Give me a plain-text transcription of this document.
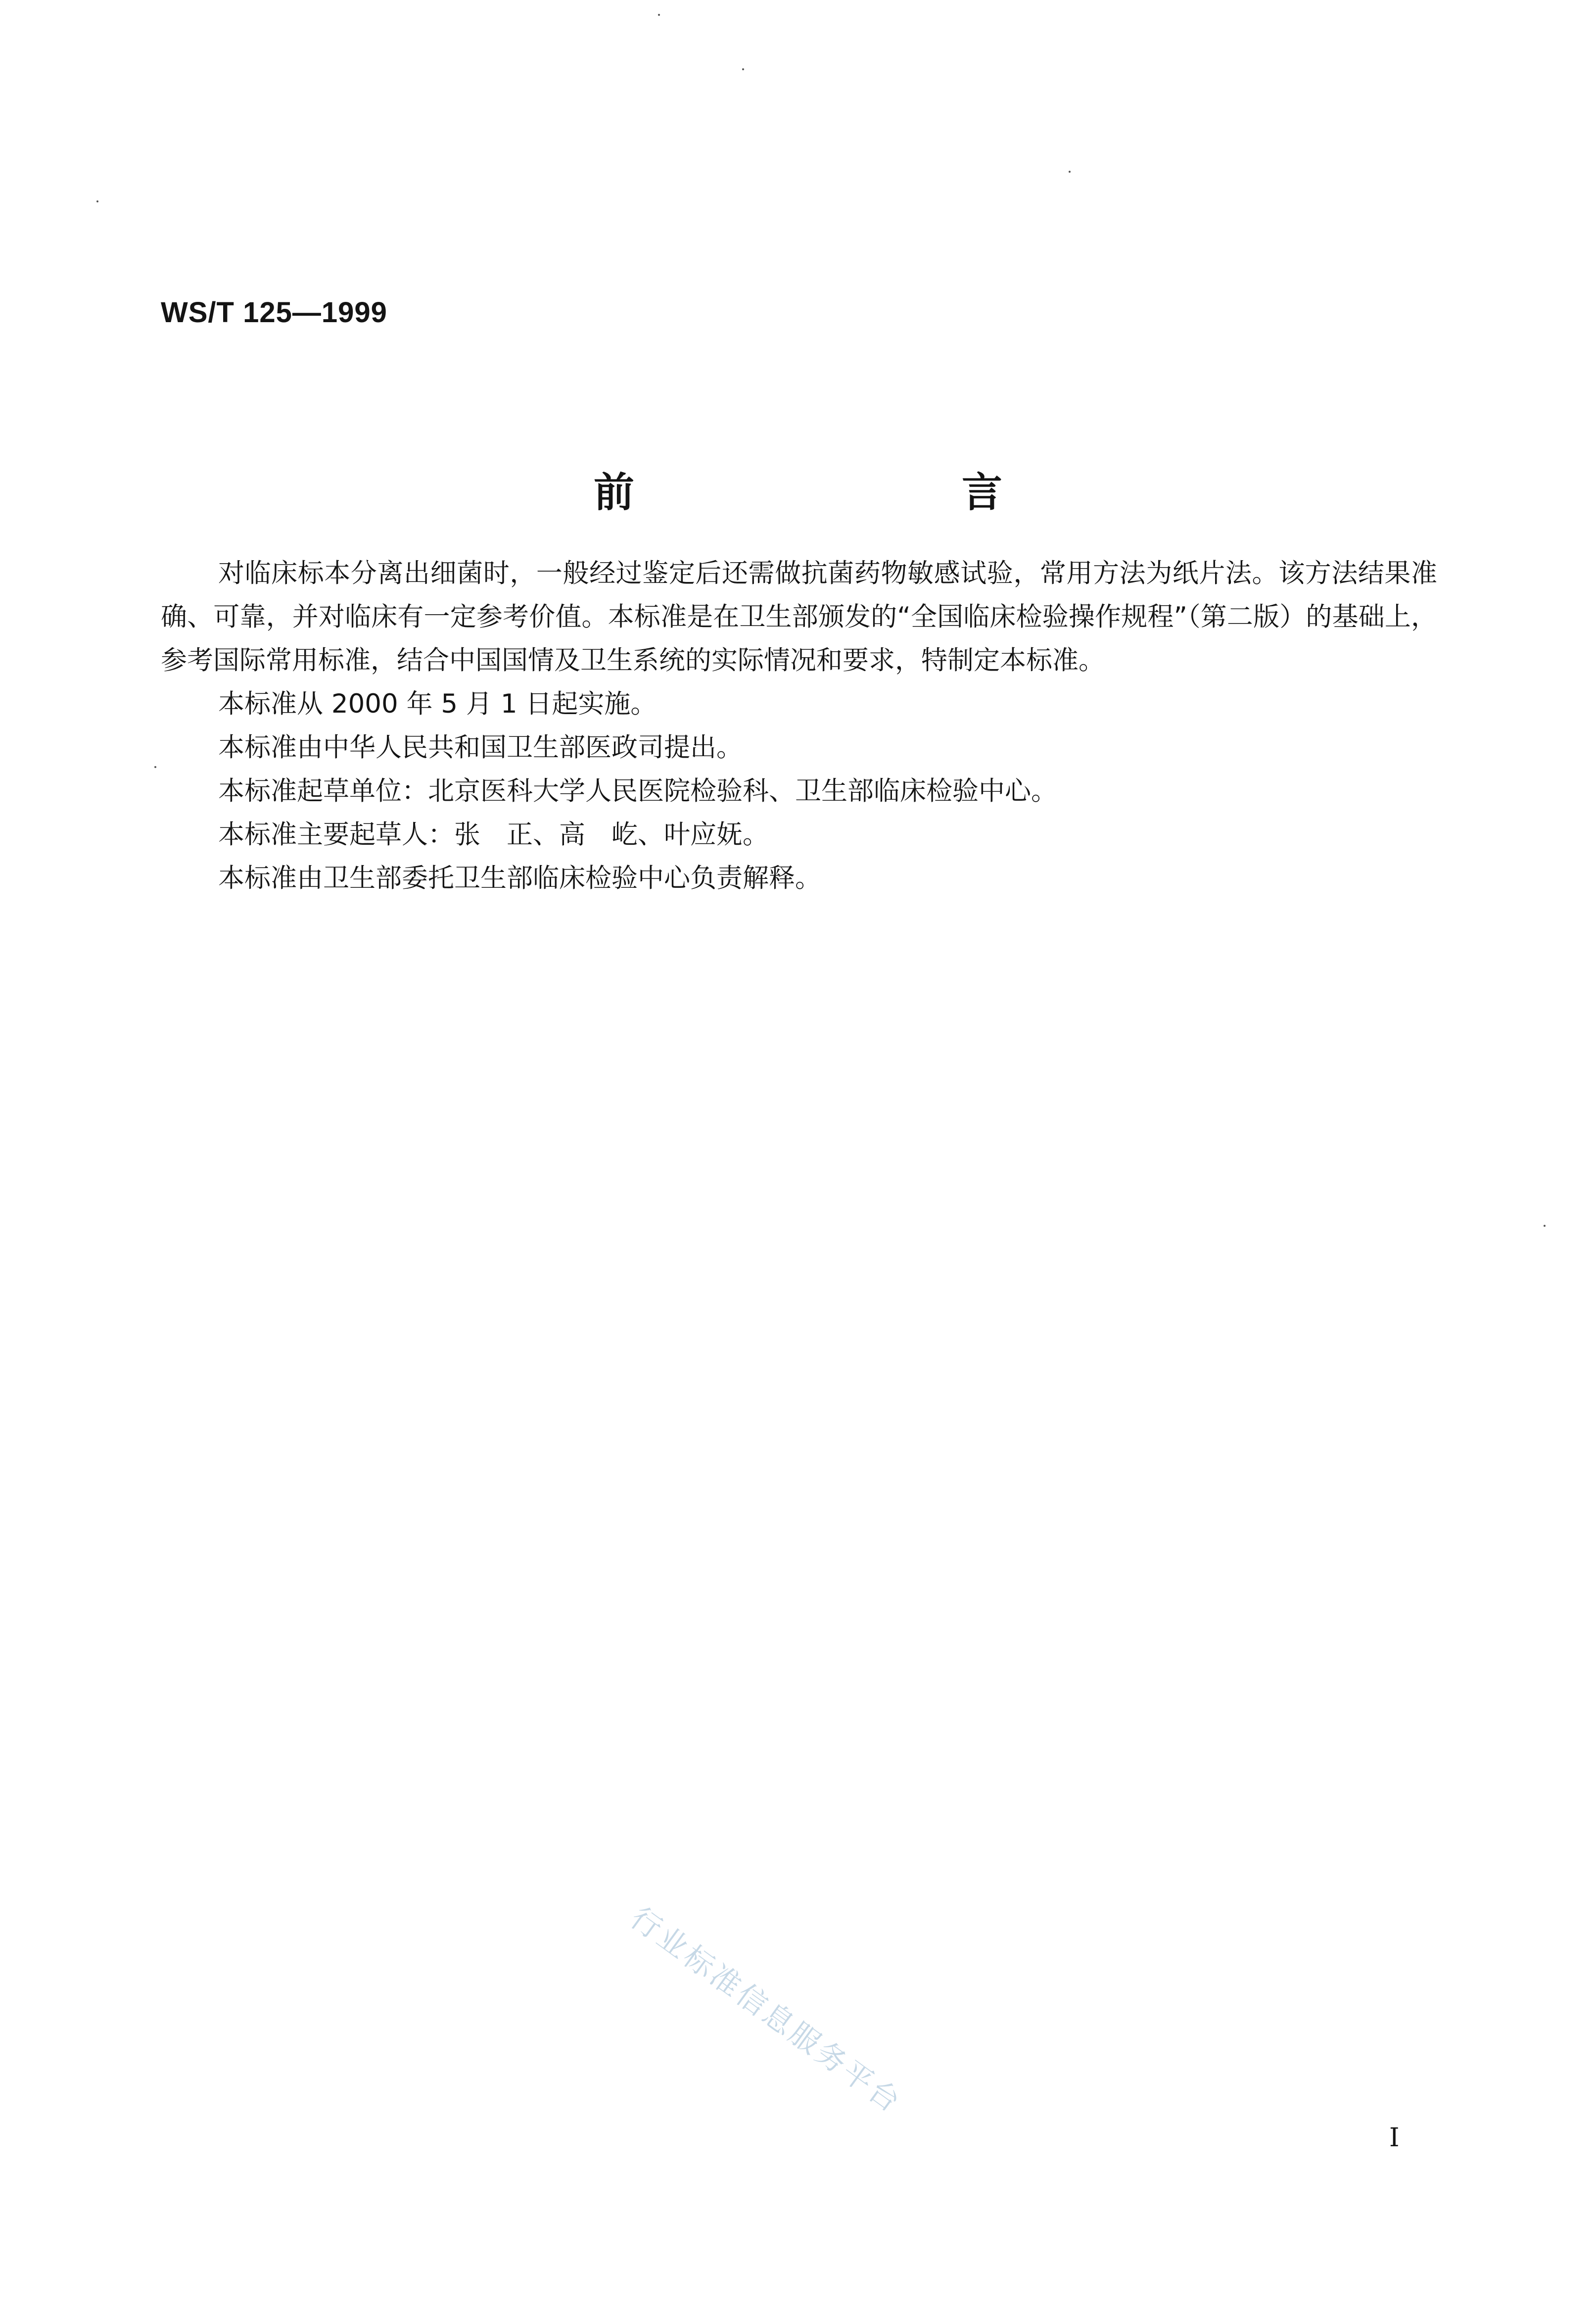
WS/T 125—1999
前　言

对临床标本分离出细菌时，一般经过鉴定后还需做抗菌药物敏感试验，常用方法为纸片法。该方法结果准确、可靠，并对临床有一定参考价值。本标准是在卫生部颁发的“全国临床检验操作规程”（第二版）的基础上，参考国际常用标准，结合中国国情及卫生系统的实际情况和要求，特制定本标准。

本标准从 2000 年 5 月 1 日起实施。

本标准由中华人民共和国卫生部医政司提出。

本标准起草单位：北京医科大学人民医院检验科、卫生部临床检验中心。

本标准主要起草人：张　正、高　屹、叶应妩。

本标准由卫生部委托卫生部临床检验中心负责解释。

行业标准信息服务平台
I
